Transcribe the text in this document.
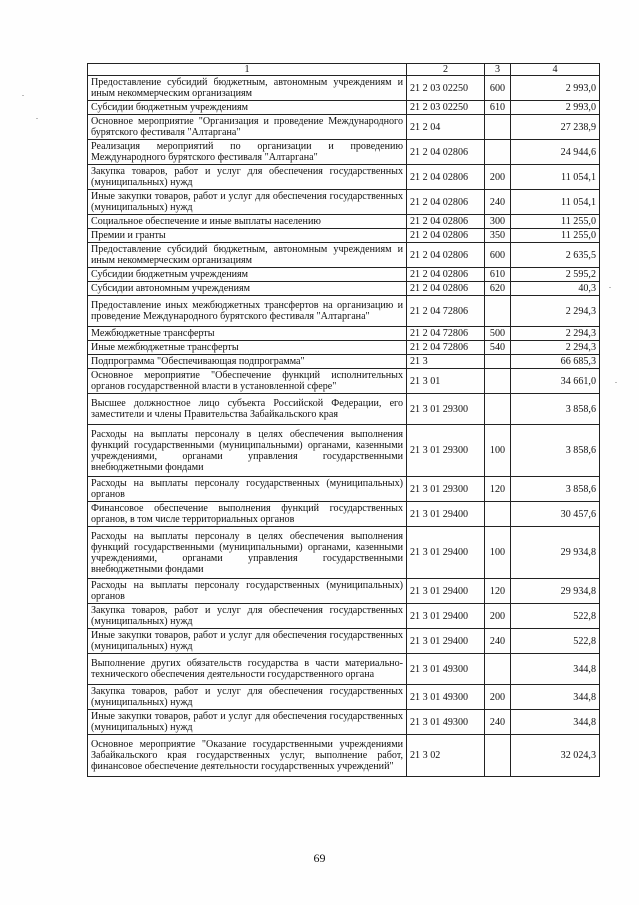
1	2	3	4
Предоставление субсидий бюджетным, автономным учреждениям и иным некоммерческим организациям	21 2 03 02250	600	2 993,0
Субсидии бюджетным учреждениям	21 2 03 02250	610	2 993,0
Основное мероприятие "Организация и проведение Международного бурятского фестиваля "Алтаргана"	21 2 04		27 238,9
Реализация мероприятий по организации и проведению Международного бурятского фестиваля "Алтаргана"	21 2 04 02806		24 944,6
Закупка товаров, работ и услуг для обеспечения государственных (муниципальных) нужд	21 2 04 02806	200	11 054,1
Иные закупки товаров, работ и услуг для обеспечения государственных (муниципальных) нужд	21 2 04 02806	240	11 054,1
Социальное обеспечение и иные выплаты населению	21 2 04 02806	300	11 255,0
Премии и гранты	21 2 04 02806	350	11 255,0
Предоставление субсидий бюджетным, автономным учреждениям и иным некоммерческим организациям	21 2 04 02806	600	2 635,5
Субсидии бюджетным учреждениям	21 2 04 02806	610	2 595,2
Субсидии автономным учреждениям	21 2 04 02806	620	40,3
Предоставление иных межбюджетных трансфертов на организацию и проведение Международного бурятского фестиваля "Алтаргана"	21 2 04 72806		2 294,3
Межбюджетные трансферты	21 2 04 72806	500	2 294,3
Иные межбюджетные трансферты	21 2 04 72806	540	2 294,3
Подпрограмма "Обеспечивающая подпрограмма"	21 3		66 685,3
Основное мероприятие "Обеспечение функций исполнительных органов государственной власти в установленной сфере"	21 3 01		34 661,0
Высшее должностное лицо субъекта Российской Федерации, его заместители и члены Правительства Забайкальского края	21 3 01 29300		3 858,6
Расходы на выплаты персоналу в целях обеспечения выполнения функций государственными (муниципальными) органами, казенными учреждениями, органами управления государственными внебюджетными фондами	21 3 01 29300	100	3 858,6
Расходы на выплаты персоналу государственных (муниципальных) органов	21 3 01 29300	120	3 858,6
Финансовое обеспечение выполнения функций государственных органов, в том числе территориальных органов	21 3 01 29400		30 457,6
Расходы на выплаты персоналу в целях обеспечения выполнения функций государственными (муниципальными) органами, казенными учреждениями, органами управления государственными внебюджетными фондами	21 3 01 29400	100	29 934,8
Расходы на выплаты персоналу государственных (муниципальных) органов	21 3 01 29400	120	29 934,8
Закупка товаров, работ и услуг для обеспечения государственных (муниципальных) нужд	21 3 01 29400	200	522,8
Иные закупки товаров, работ и услуг для обеспечения государственных (муниципальных) нужд	21 3 01 29400	240	522,8
Выполнение других обязательств государства в части материально-технического обеспечения деятельности государственного органа	21 3 01 49300		344,8
Закупка товаров, работ и услуг для обеспечения государственных (муниципальных) нужд	21 3 01 49300	200	344,8
Иные закупки товаров, работ и услуг для обеспечения государственных (муниципальных) нужд	21 3 01 49300	240	344,8
Основное мероприятие "Оказание государственными учреждениями Забайкальского края государственных услуг, выполнение работ, финансовое обеспечение деятельности государственных учреждений"	21 3 02		32 024,3
69
